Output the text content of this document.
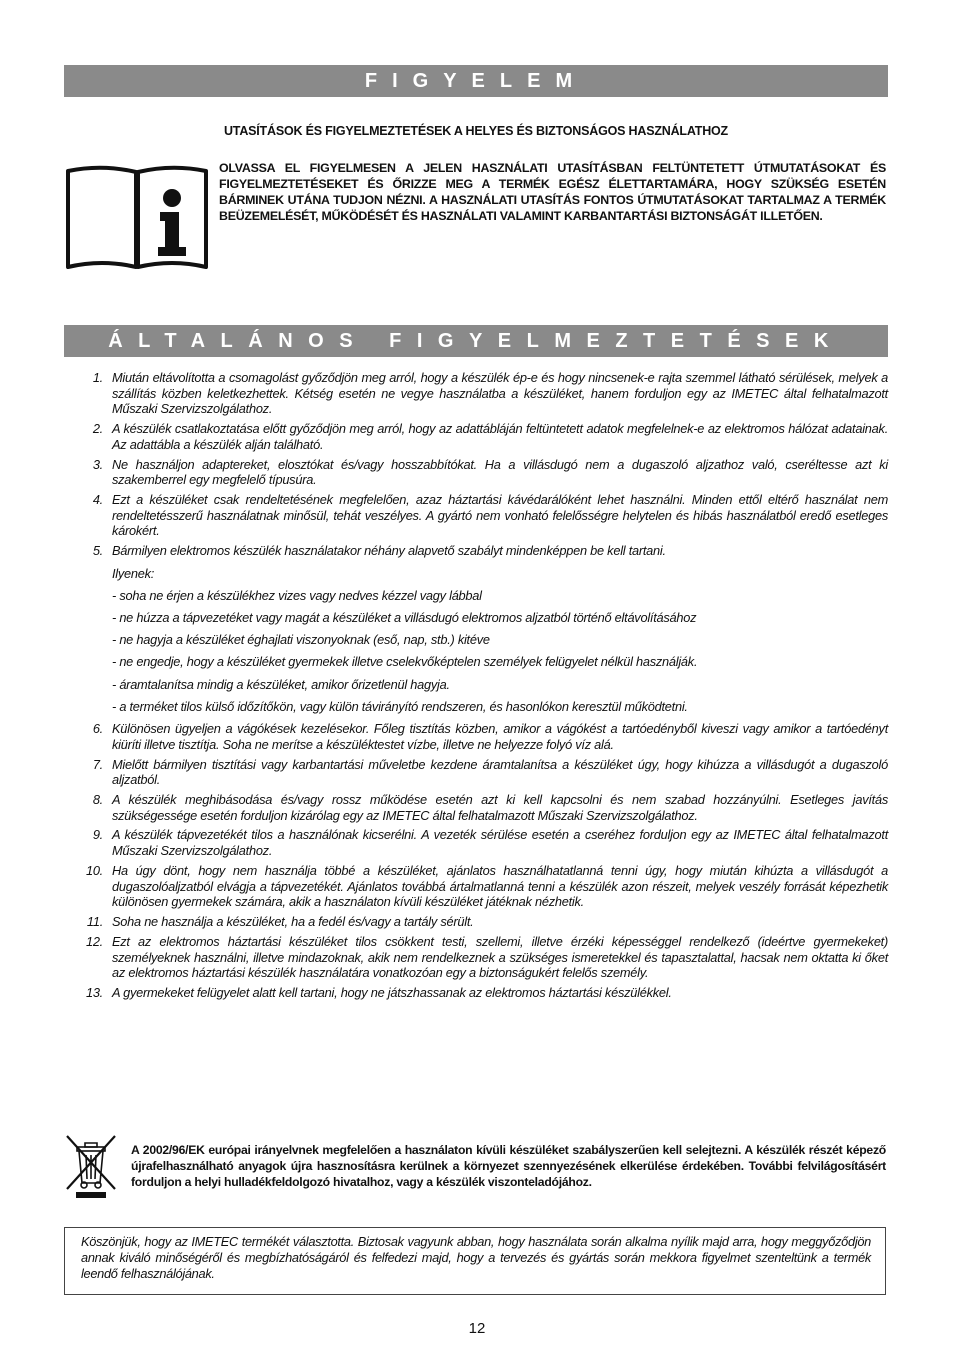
FIGYELEM
UTASÍTÁSOK ÉS FIGYELMEZTETÉSEK A HELYES ÉS BIZTONSÁGOS HASZNÁLATHOZ
OLVASSA EL FIGYELMESEN A JELEN HASZNÁLATI UTASÍTÁSBAN FELTÜNTETETT ÚTMUTATÁSOKAT ÉS FIGYELMEZTETÉSEKET ÉS ŐRIZZE MEG A TERMÉK EGÉSZ ÉLETTARTAMÁRA, HOGY SZÜKSÉG ESETÉN BÁRMINEK UTÁNA TUDJON NÉZNI. A HASZNÁLATI UTASÍTÁS FONTOS ÚTMUTATÁSOKAT TARTALMAZ A TERMÉK BEÜZEMELÉSÉT, MŰKÖDÉSÉT ÉS HASZNÁLATI VALAMINT KARBANTARTÁSI BIZTONSÁGÁT ILLETŐEN.
ÁLTALÁNOS FIGYELMEZTETÉSEK
1. Miután eltávolította a csomagolást győződjön meg arról, hogy a készülék ép-e és hogy nincsenek-e rajta szemmel látható sérülések, melyek a szállítás közben keletkezhettek. Kétség esetén ne vegye használatba a készüléket, hanem forduljon egy az IMETEC által felhatalmazott Műszaki Szervizszolgálathoz.
2. A készülék csatlakoztatása előtt győződjön meg arról, hogy az adattábláján feltüntetett adatok megfelelnek-e az elektromos hálózat adatainak. Az adattábla a készülék alján található.
3. Ne használjon adaptereket, elosztókat és/vagy hosszabbítókat. Ha a villásdugó nem a dugaszoló aljzathoz való, cseréltesse azt ki szakemberrel egy megfelelő típusúra.
4. Ezt a készüléket csak rendeltetésének megfelelően, azaz háztartási kávédarálóként lehet használni. Minden ettől eltérő használat nem rendeltetésszerű használatnak minősül, tehát veszélyes. A gyártó nem vonható felelősségre helytelen és hibás használatból eredő esetleges károkért.
5. Bármilyen elektromos készülék használatakor néhány alapvető szabályt mindenképpen be kell tartani.
Ilyenek:
- soha ne érjen a készülékhez vizes vagy nedves kézzel vagy lábbal
- ne húzza a tápvezetéket vagy magát a készüléket a villásdugó elektromos aljzatból történő eltávolításához
- ne hagyja a készüléket éghajlati viszonyoknak (eső, nap, stb.) kitéve
- ne engedje, hogy a készüléket gyermekek illetve cselekvőképtelen személyek felügyelet nélkül használják.
- áramtalanítsa mindig a készüléket, amikor őrizetlenül hagyja.
- a terméket tilos külső időzítőkön, vagy külön távirányító rendszeren, és hasonlókon keresztül működtetni.
6. Különösen ügyeljen a vágókések kezelésekor. Főleg tisztítás közben, amikor a vágókést a tartóedényből kiveszi vagy amikor a tartóedényt kiüríti illetve tisztítja. Soha ne merítse a készüléktestet vízbe, illetve ne helyezze folyó víz alá.
7. Mielőtt bármilyen tisztítási vagy karbantartási műveletbe kezdene áramtalanítsa a készüléket úgy, hogy kihúzza a villásdugót a dugaszoló aljzatból.
8. A készülék meghibásodása és/vagy rossz működése esetén azt ki kell kapcsolni és nem szabad hozzányúlni. Esetleges javítás szükségessége esetén forduljon kizárólag egy az IMETEC által felhatalmazott Műszaki Szervizszolgálathoz.
9. A készülék tápvezetékét tilos a használónak kicserélni. A vezeték sérülése esetén a cseréhez forduljon egy az IMETEC által felhatalmazott Műszaki Szervizszolgálathoz.
10. Ha úgy dönt, hogy nem használja többé a készüléket, ajánlatos használhatatlanná tenni úgy, hogy miután kihúzta a villásdugót a dugaszolóaljzatból elvágja a tápvezetékét. Ajánlatos továbbá ártalmatlanná tenni a készülék azon részeit, melyek veszély forrását képezhetik különösen gyermekek számára, akik a használaton kívüli készüléket játéknak nézhetik.
11. Soha ne használja a készüléket, ha a fedél és/vagy a tartály sérült.
12. Ezt az elektromos háztartási készüléket tilos csökkent testi, szellemi, illetve érzéki képességgel rendelkező (ideértve gyermekeket) személyeknek használni, illetve mindazoknak, akik nem rendelkeznek a szükséges ismeretekkel és tapasztalattal, hacsak nem oktatta ki őket az elektromos háztartási készülék használatára vonatkozóan egy a biztonságukért felelős személy.
13. A gyermekeket felügyelet alatt kell tartani, hogy ne játszhassanak az elektromos háztartási készülékkel.
A 2002/96/EK európai irányelvnek megfelelően a használaton kívüli készüléket szabályszerűen kell selejtezni. A készülék részét képező újrafelhasználható anyagok újra hasznosításra kerülnek a környezet szennyezésének elkerülése érdekében. További felvilágosításért forduljon a helyi hulladékfeldolgozó hivatalhoz, vagy a készülék viszonteladójához.
Köszönjük, hogy az IMETEC termékét választotta. Biztosak vagyunk abban, hogy használata során alkalma nyílik majd arra, hogy meggyőződjön annak kiváló minőségéről és megbízhatóságáról és felfedezi majd, hogy a tervezés és gyártás során mekkora figyelmet szenteltünk a termék leendő felhasználójának.
12
